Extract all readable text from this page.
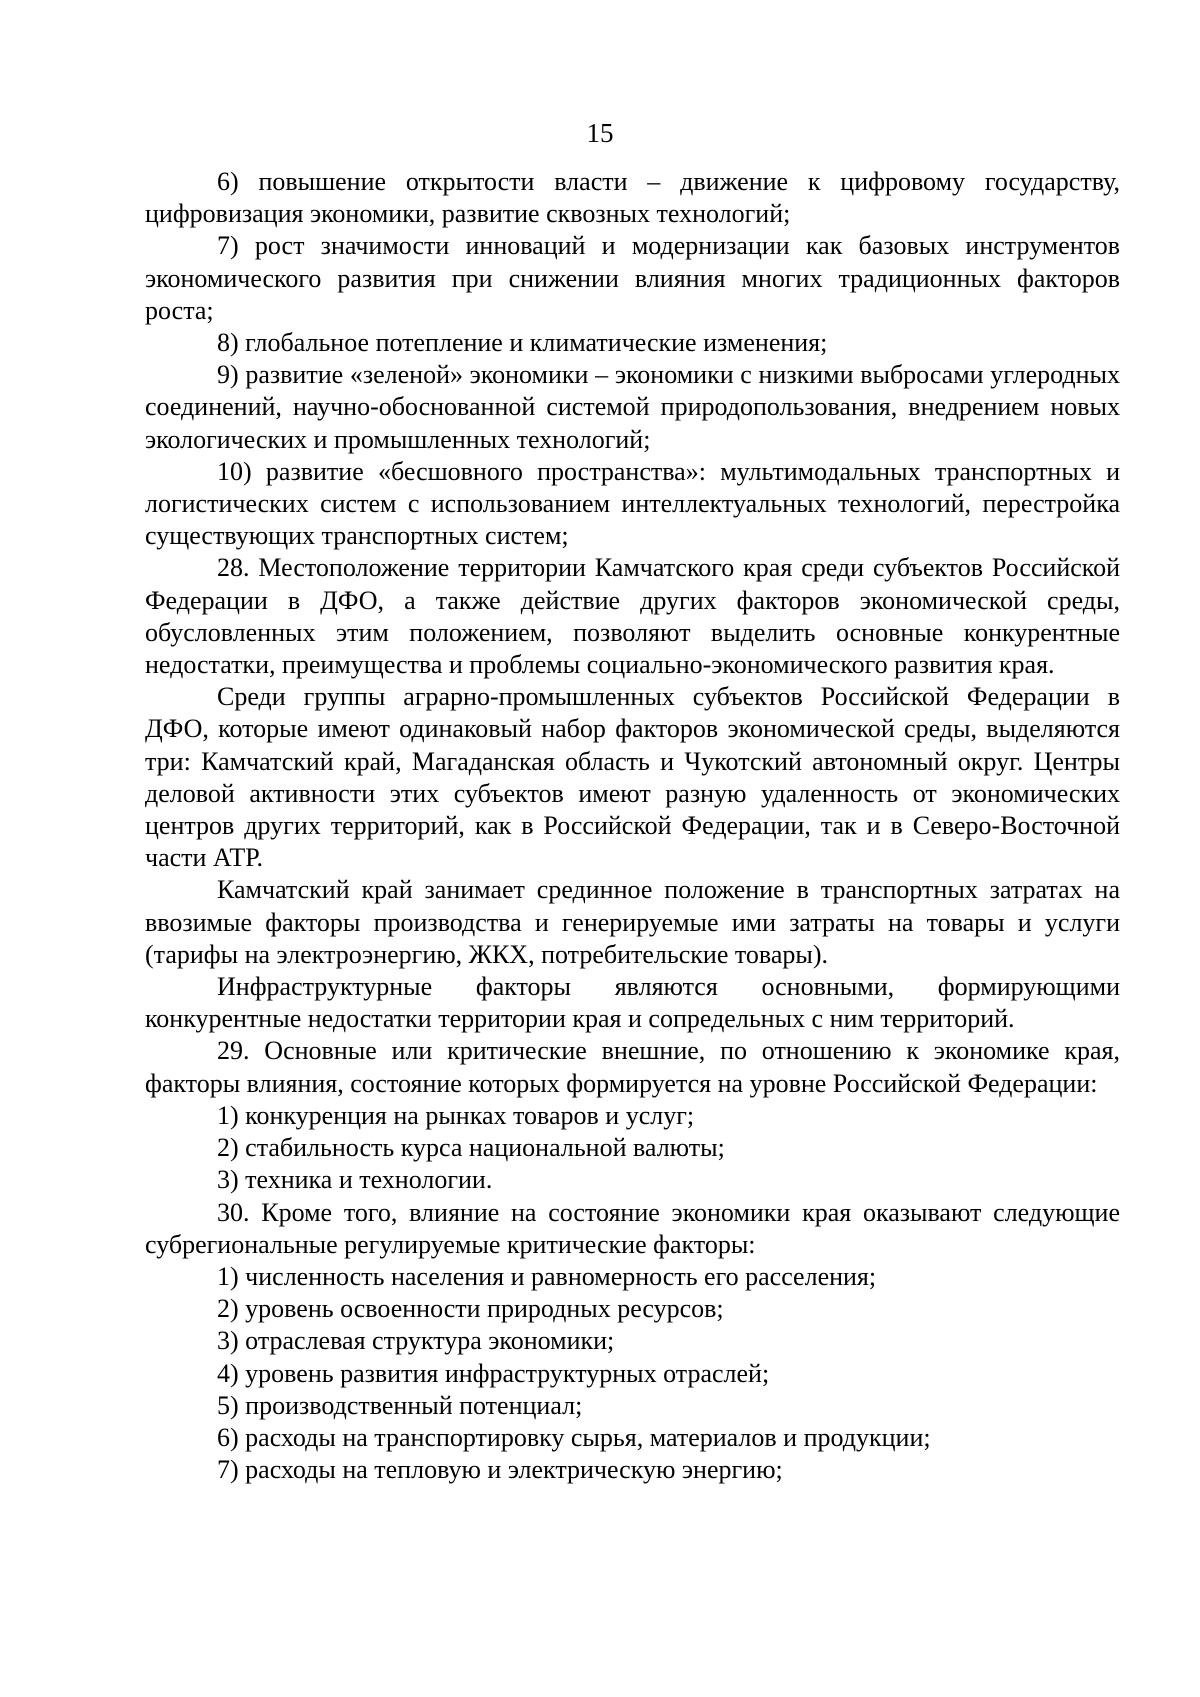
15

6) повышение открытости власти – движение к цифровому государству, цифровизация экономики, развитие сквозных технологий;

7) рост значимости инноваций и модернизации как базовых инструментов экономического развития при снижении влияния многих традиционных факторов роста;

8) глобальное потепление и климатические изменения;

9) развитие «зеленой» экономики – экономики с низкими выбросами углеродных соединений, научно-обоснованной системой природопользования, внедрением новых экологических и промышленных технологий;

10) развитие «бесшовного пространства»: мультимодальных транспортных и логистических систем с использованием интеллектуальных технологий, перестройка существующих транспортных систем;

28. Местоположение территории Камчатского края среди субъектов Российской Федерации в ДФО, а также действие других факторов экономической среды, обусловленных этим положением, позволяют выделить основные конкурентные недостатки, преимущества и проблемы социально-экономического развития края.

Среди группы аграрно-промышленных субъектов Российской Федерации в ДФО, которые имеют одинаковый набор факторов экономической среды, выделяются три: Камчатский край, Магаданская область и Чукотский автономный округ. Центры деловой активности этих субъектов имеют разную удаленность от экономических центров других территорий, как в Российской Федерации, так и в Северо-Восточной части АТР.

Камчатский край занимает срединное положение в транспортных затратах на ввозимые факторы производства и генерируемые ими затраты на товары и услуги (тарифы на электроэнергию, ЖКХ, потребительские товары).

Инфраструктурные факторы являются основными, формирующими конкурентные недостатки территории края и сопредельных с ним территорий.

29. Основные или критические внешние, по отношению к экономике края, факторы влияния, состояние которых формируется на уровне Российской Федерации:

1) конкуренция на рынках товаров и услуг;

2) стабильность курса национальной валюты;

3) техника и технологии.

30. Кроме того, влияние на состояние экономики края оказывают следующие субрегиональные регулируемые критические факторы:

1) численность населения и равномерность его расселения;

2) уровень освоенности природных ресурсов;

3) отраслевая структура экономики;

4) уровень развития инфраструктурных отраслей;

5) производственный потенциал;

6) расходы на транспортировку сырья, материалов и продукции;

7) расходы на тепловую и электрическую энергию;
